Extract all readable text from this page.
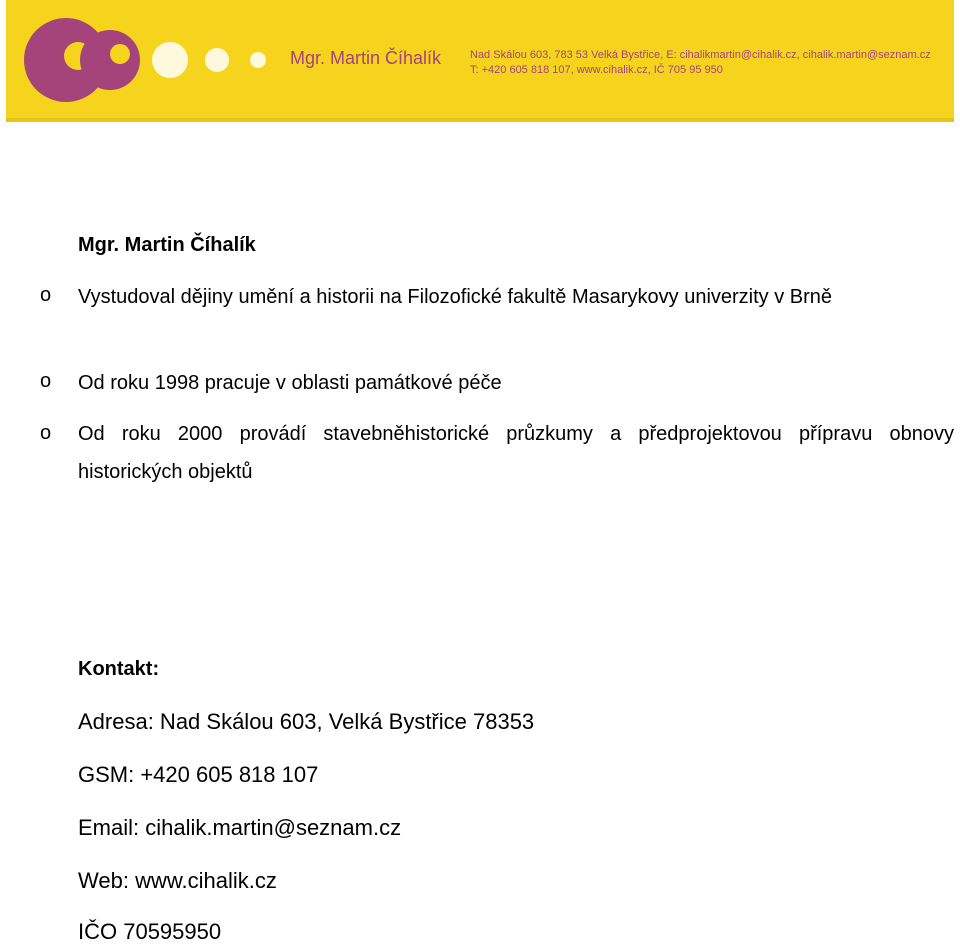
Mgr. Martin Číhalík	Nad Skálou 603, 783 53 Velká Bystřice, E: cihalikmartin@cihalik.cz, cihalik.martin@seznam.cz
T: +420 605 818 107, www.cihalik.cz, IČ 705 95 950
Mgr. Martin Číhalík
o Vystudoval dějiny umění a historii na Filozofické fakultě Masarykovy univerzity v Brně
o Od roku 1998 pracuje v oblasti památkové péče
o Od roku 2000 provádí stavebněhistorické průzkumy a předprojektovou přípravu obnovy historických objektů
Kontakt:
Adresa: Nad Skálou 603, Velká Bystřice 78353
GSM: +420 605 818 107
Email: cihalik.martin@seznam.cz
Web: www.cihalik.cz
IČO 70595950
